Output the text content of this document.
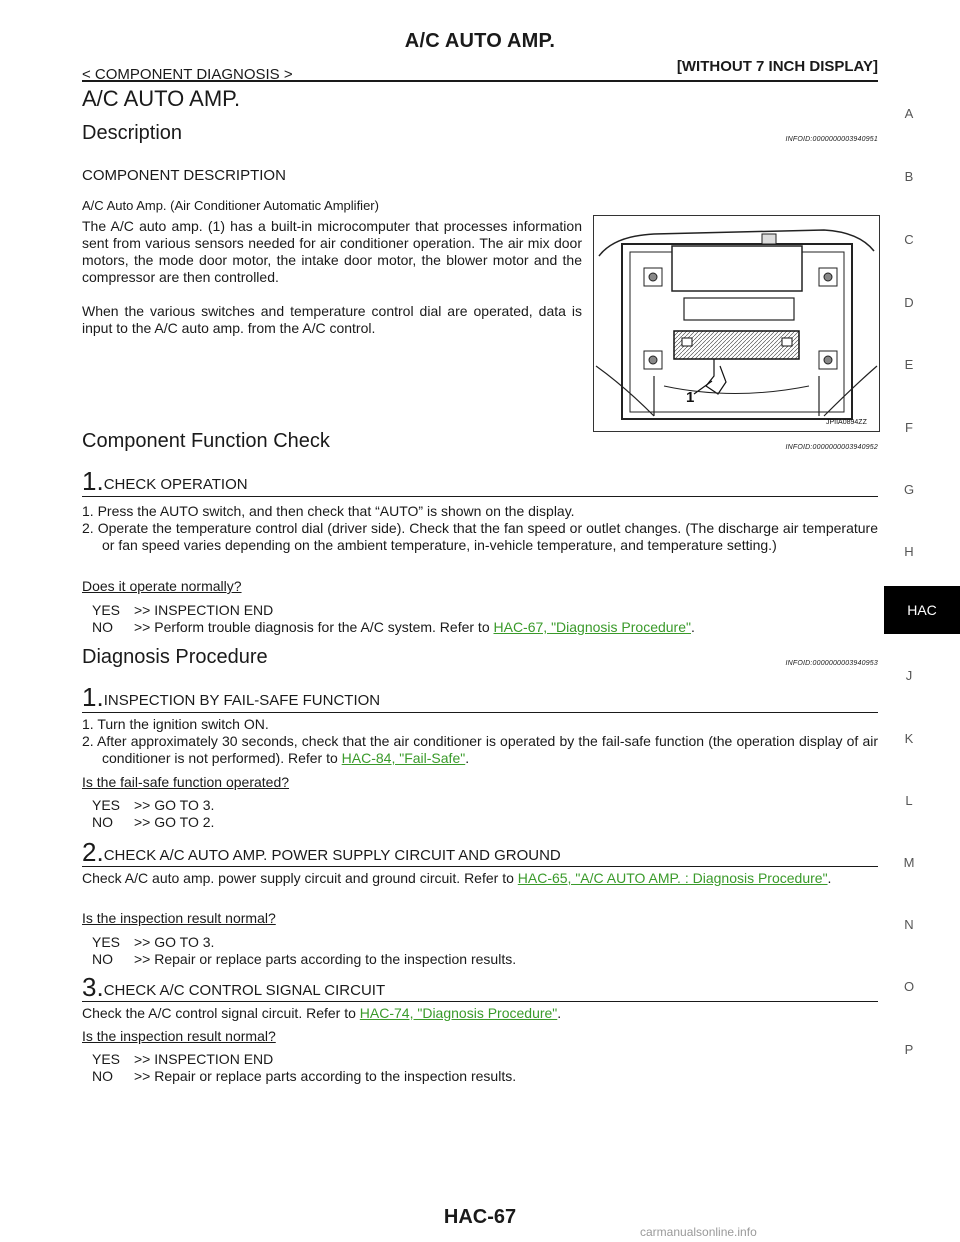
A/C AUTO AMP.
[WITHOUT 7 INCH DISPLAY]
< COMPONENT DIAGNOSIS >
A/C AUTO AMP.
Description	INFOID:0000000003940951
COMPONENT DESCRIPTION
A/C Auto Amp. (Air Conditioner Automatic Amplifier)
The A/C auto amp. (1) has a built-in microcomputer that processes information sent from various sensors needed for air conditioner operation. The air mix door motors, the mode door motor, the intake door motor, the blower motor and the compressor are then controlled.
When the various switches and temperature control dial are operated, data is input to the A/C auto amp. from the A/C control.
1
JPIIA0894ZZ
Component Function Check	INFOID:0000000003940952
1.CHECK OPERATION
1. Press the AUTO switch, and then check that “AUTO” is shown on the display.
2. Operate the temperature control dial (driver side). Check that the fan speed or outlet changes. (The discharge air temperature or fan speed varies depending on the ambient temperature, in-vehicle temperature, and temperature setting.)
Does it operate normally?
YES >> INSPECTION END
NO >> Perform trouble diagnosis for the A/C system. Refer to HAC-67, "Diagnosis Procedure".
Diagnosis Procedure	INFOID:0000000003940953
1.INSPECTION BY FAIL-SAFE FUNCTION
1. Turn the ignition switch ON.
2. After approximately 30 seconds, check that the air conditioner is operated by the fail-safe function (the operation display of air conditioner is not performed). Refer to HAC-84, "Fail-Safe".
Is the fail-safe function operated?
YES >> GO TO 3.
NO >> GO TO 2.
2.CHECK A/C AUTO AMP. POWER SUPPLY CIRCUIT AND GROUND
Check A/C auto amp. power supply circuit and ground circuit. Refer to HAC-65, "A/C AUTO AMP. : Diagnosis Procedure".
Is the inspection result normal?
YES >> GO TO 3.
NO >> Repair or replace parts according to the inspection results.
3.CHECK A/C CONTROL SIGNAL CIRCUIT
Check the A/C control signal circuit. Refer to HAC-74, "Diagnosis Procedure".
Is the inspection result normal?
YES >> INSPECTION END
NO >> Repair or replace parts according to the inspection results.
A
B
C
D
E
F
G
H
HAC
J
K
L
M
N
O
P
HAC-67
carmanualsonline.info
